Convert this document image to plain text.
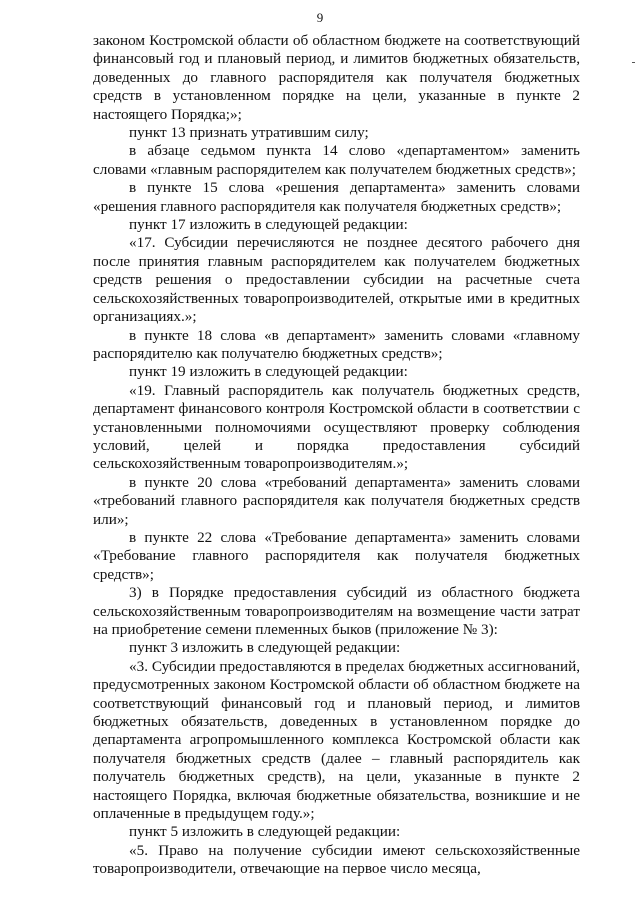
9

законом Костромской области об областном бюджете на соответствующий финансовый год и плановый период, и лимитов бюджетных обязательств, доведенных до главного распорядителя как получателя бюджетных средств в установленном порядке на цели, указанные в пункте 2 настоящего Порядка;»;

пункт 13 признать утратившим силу;

в абзаце седьмом пункта 14 слово «департаментом» заменить словами «главным распорядителем как получателем бюджетных средств»;

в пункте 15 слова «решения департамента» заменить словами «решения главного распорядителя как получателя бюджетных средств»;

пункт 17 изложить в следующей редакции:

«17. Субсидии перечисляются не позднее десятого рабочего дня после принятия главным распорядителем как получателем бюджетных средств решения о предоставлении субсидии на расчетные счета сельскохозяйственных товаропроизводителей, открытые ими в кредитных организациях.»;

в пункте 18 слова «в департамент» заменить словами «главному распорядителю как получателю бюджетных средств»;

пункт 19 изложить в следующей редакции:

«19. Главный распорядитель как получатель бюджетных средств, департамент финансового контроля Костромской области в соответствии с установленными полномочиями осуществляют проверку соблюдения условий, целей и порядка предоставления субсидий сельскохозяйственным товаропроизводителям.»;

в пункте 20 слова «требований департамента» заменить словами «требований главного распорядителя как получателя бюджетных средств или»;

в пункте 22 слова «Требование департамента» заменить словами «Требование главного распорядителя как получателя бюджетных средств»;

3) в Порядке предоставления субсидий из областного бюджета сельскохозяйственным товаропроизводителям на возмещение части затрат на приобретение семени племенных быков (приложение № 3):

пункт 3 изложить в следующей редакции:

«3. Субсидии предоставляются в пределах бюджетных ассигнований, предусмотренных законом Костромской области об областном бюджете на соответствующий финансовый год и плановый период, и лимитов бюджетных обязательств, доведенных в установленном порядке до департамента агропромышленного комплекса Костромской области как получателя бюджетных средств (далее – главный распорядитель как получатель бюджетных средств), на цели, указанные в пункте 2 настоящего Порядка, включая бюджетные обязательства, возникшие и не оплаченные в предыдущем году.»;

пункт 5 изложить в следующей редакции:

«5. Право на получение субсидии имеют сельскохозяйственные товаропроизводители, отвечающие на первое число месяца,
